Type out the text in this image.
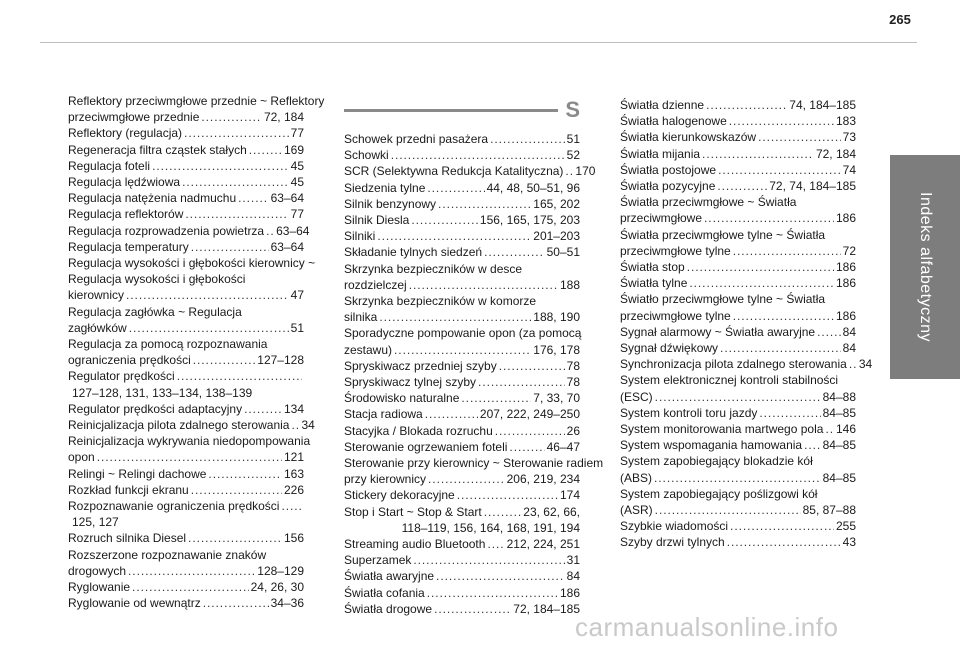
265
Indeks alfabetyczny
Reflektory przeciwmgłowe przednie ~ Reflektory
przeciwmgłowe przednie . . .	72, 184
Reflektory (regulacja) . . .	77
Regeneracja filtra cząstek stałych . . .	169
Regulacja foteli . . .	45
Regulacja lędźwiowa . . .	45
Regulacja natężenia nadmuchu . . .	63–64
Regulacja reflektorów . . .	77
Regulacja rozprowadzenia powietrza . . . 63–64
Regulacja temperatury . . .	63–64
Regulacja wysokości i głębokości kierownicy ~
Regulacja wysokości i głębokości
kierownicy . . .	47
Regulacja zagłówka ~ Regulacja
zagłówków . . .	51
Regulacja za pomocą rozpoznawania
ograniczenia prędkości . . .	127–128
Regulator prędkości
. . .
127–128, 131, 133–134, 138–139
Regulator prędkości adaptacyjny . . .	134
Reinicjalizacja pilota zdalnego sterowania . . . 34
Reinicjalizacja wykrywania niedopompowania
opon . . .	121
Relingi ~ Relingi dachowe . . .	163
Rozkład funkcji ekranu . . .	226
Rozpoznawanie ograniczenia prędkości
. . .
125, 127
Rozruch silnika Diesel . . .	156
Rozszerzone rozpoznawanie znaków
drogowych . . .	128–129
Ryglowanie . . .	24, 26, 30
Ryglowanie od wewnątrz . . .	34–36
S
Schowek przedni pasażera . . .	51
Schowki . . .	52
SCR (Selektywna Redukcja Katalityczna) . . . 170
Siedzenia tylne . . .	44, 48, 50–51, 96
Silnik benzynowy . . .	165, 202
Silnik Diesla . . .	156, 165, 175, 203
Silniki . . .	201–203
Składanie tylnych siedzeń . . .	50–51
Skrzynka bezpieczników w desce
rozdzielczej . . .	188
Skrzynka bezpieczników w komorze
silnika . . .	188, 190
Sporadyczne pompowanie opon (za pomocą
zestawu) . . .	176, 178
Spryskiwacz przedniej szyby . . .	78
Spryskiwacz tylnej szyby . . .	78
Środowisko naturalne . . .	7, 33, 70
Stacja radiowa . . .	207, 222, 249–250
Stacyjka / Blokada rozruchu . . .	26
Sterowanie ogrzewaniem foteli . . .	46–47
Sterowanie przy kierownicy ~ Sterowanie radiem
przy kierownicy . . .	206, 219, 234
Stickery dekoracyjne . . .	174
Stop i Start ~ Stop & Start . . .	23, 62, 66,
118–119, 156, 164, 168, 191, 194
Streaming audio Bluetooth . . . 212, 224, 251
Superzamek . . .	31
Światła awaryjne . . .	84
Światła cofania . . .	186
Światła drogowe . . .	72, 184–185
Światła dzienne . . .	74, 184–185
Światła halogenowe . . .	183
Światła kierunkowskazów . . .	73
Światła mijania . . .	72, 184
Światła postojowe . . .	74
Światła pozycyjne . . .	72, 74, 184–185
Światła przeciwmgłowe ~ Światła
przeciwmgłowe . . .	186
Światła przeciwmgłowe tylne ~ Światła
przeciwmgłowe tylne . . .	72
Światła stop . . .	186
Światła tylne . . .	186
Światło przeciwmgłowe tylne ~ Światła
przeciwmgłowe tylne . . .	186
Sygnał alarmowy ~ Światła awaryjne . . . 84
Sygnał dźwiękowy . . .	84
Synchronizacja pilota zdalnego sterowania . . . 34
System elektronicznej kontroli stabilności
(ESC) . . .	84–88
System kontroli toru jazdy . . .	84–85
System monitorowania martwego pola . . . 146
System wspomagania hamowania . . . 84–85
System zapobiegający blokadzie kół
(ABS) . . .	84–85
System zapobiegający poślizgowi kół
(ASR) . . .	85, 87–88
Szybkie wiadomości . . .	255
Szyby drzwi tylnych . . .	43
carmanualsonline.info
